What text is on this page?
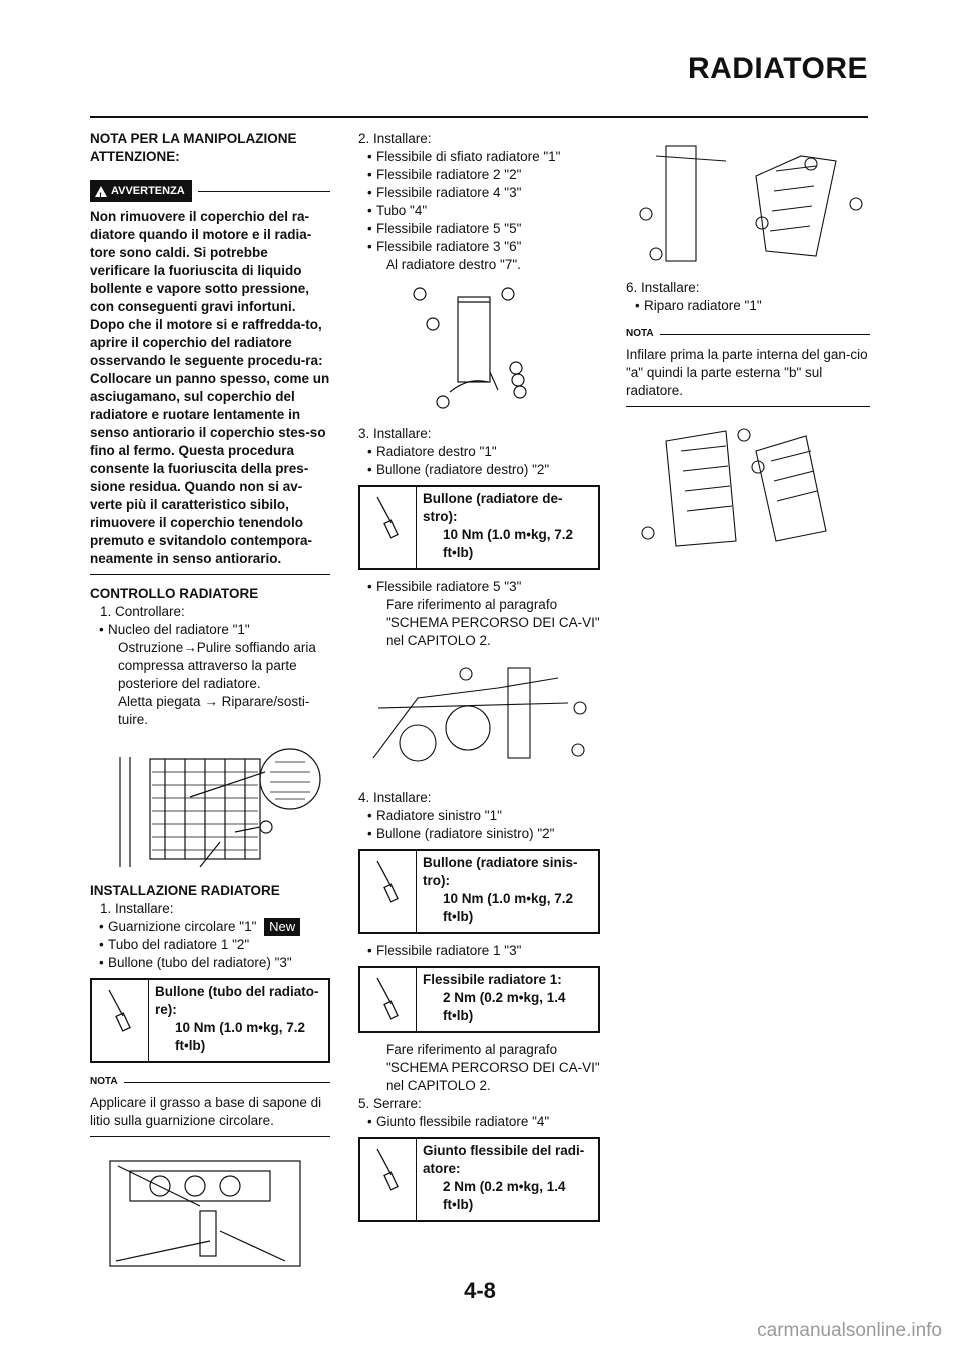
RADIATORE
NOTA PER LA MANIPOLAZIONE
ATTENZIONE:
! AVVERTENZA
Non rimuovere il coperchio del ra-diatore quando il motore e il radia-tore sono caldi. Si potrebbe verificare la fuoriuscita di liquido bollente e vapore sotto pressione, con conseguenti gravi infortuni. Dopo che il motore si e raffredda-to, aprire il coperchio del radiatore osservando le seguente procedu-ra:
Collocare un panno spesso, come un asciugamano, sul coperchio del radiatore e ruotare lentamente in senso antiorario il coperchio stes-so fino al fermo. Questa procedura consente la fuoriuscita della pres-sione residua. Quando non si av-verte più il caratteristico sibilo, rimuovere il coperchio tenendolo premuto e svitandolo contempora-neamente in senso antiorario.
CONTROLLO RADIATORE
1. Controllare:
• Nucleo del radiatore "1"
Ostruzione→Pulire soffiando aria compressa attraverso la parte posteriore del radiatore.
Aletta piegata → Riparare/sosti-tuire.
INSTALLAZIONE RADIATORE
1. Installare:
• Guarnizione circolare "1" New
• Tubo del radiatore 1 "2"
• Bullone (tubo del radiatore) "3"
Bullone (tubo del radiato-re):
10 Nm (1.0 m•kg, 7.2 ft•lb)
NOTA
Applicare il grasso a base di sapone di litio sulla guarnizione circolare.
2. Installare:
• Flessibile di sfiato radiatore "1"
• Flessibile radiatore 2 "2"
• Flessibile radiatore 4 "3"
• Tubo "4"
• Flessibile radiatore 5 "5"
• Flessibile radiatore 3 "6"
Al radiatore destro "7".
3. Installare:
• Radiatore destro "1"
• Bullone (radiatore destro) "2"
Bullone (radiatore de-stro):
10 Nm (1.0 m•kg, 7.2 ft•lb)
• Flessibile radiatore 5 "3"
Fare riferimento al paragrafo "SCHEMA PERCORSO DEI CA-VI" nel CAPITOLO 2.
4. Installare:
• Radiatore sinistro "1"
• Bullone (radiatore sinistro) "2"
Bullone (radiatore sinis-tro):
10 Nm (1.0 m•kg, 7.2 ft•lb)
• Flessibile radiatore 1 "3"
Flessibile radiatore 1:
2 Nm (0.2 m•kg, 1.4 ft•lb)
Fare riferimento al paragrafo "SCHEMA PERCORSO DEI CA-VI" nel CAPITOLO 2.
5. Serrare:
• Giunto flessibile radiatore "4"
Giunto flessibile del radi-atore:
2 Nm (0.2 m•kg, 1.4 ft•lb)
6. Installare:
• Riparo radiatore "1"
NOTA
Infilare prima la parte interna del gan-cio "a" quindi la parte esterna "b" sul radiatore.
4-8
carmanualsonline.info
